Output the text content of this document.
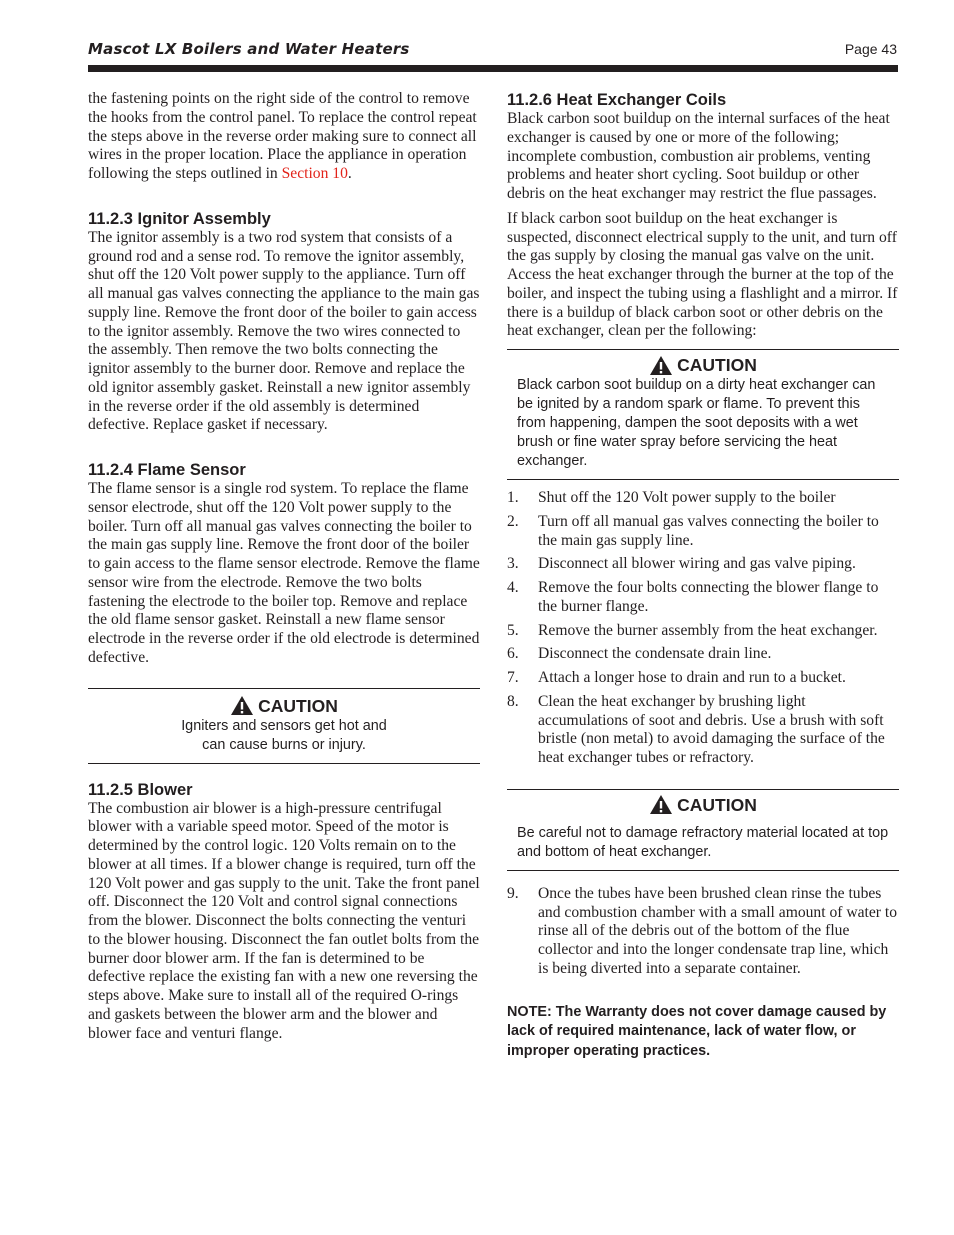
Mascot LX Boilers and Water Heaters	Page 43
the fastening points on the right side of the control to remove the hooks from the control panel. To replace the control repeat the steps above in the reverse order making sure to connect all wires in the proper location. Place the appliance in operation following the steps outlined in Section 10.
11.2.3 Ignitor Assembly
The ignitor assembly is a two rod system that consists of a ground rod and a sense rod. To remove the ignitor assembly, shut off the 120 Volt power supply to the appliance. Turn off all manual gas valves connecting the appliance to the main gas supply line. Remove the front door of the boiler to gain access to the ignitor assembly. Remove the two wires connected to the assembly. Then remove the two bolts connecting the ignitor assembly to the burner door. Remove and replace the old ignitor assembly gasket. Reinstall a new ignitor assembly in the reverse order if the old assembly is determined defective. Replace gasket if necessary.
11.2.4 Flame Sensor
The flame sensor is a single rod system. To replace the flame sensor electrode, shut off the 120 Volt power supply to the boiler. Turn off all manual gas valves connecting the boiler to the main gas supply line. Remove the front door of the boiler to gain access to the flame sensor electrode. Remove the flame sensor wire from the electrode. Remove the two bolts fastening the electrode to the boiler top. Remove and replace the old flame sensor gasket. Reinstall a new flame sensor electrode in the reverse order if the old electrode is determined defective.
CAUTION
Igniters and sensors get hot and
can cause burns or injury.
11.2.5 Blower
The combustion air blower is a high-pressure centrifugal blower with a variable speed motor. Speed of the motor is determined by the control logic. 120 Volts remain on to the blower at all times. If a blower change is required, turn off the 120 Volt power and gas supply to the unit. Take the front panel off. Disconnect the 120 Volt and control signal connections from the blower. Disconnect the bolts connecting the venturi to the blower housing. Disconnect the fan outlet bolts from the burner door blower arm. If the fan is determined to be defective replace the existing fan with a new one reversing the steps above. Make sure to install all of the required O-rings and gaskets between the blower arm and the blower and blower face and venturi flange.
11.2.6 Heat Exchanger Coils
Black carbon soot buildup on the internal surfaces of the heat exchanger is caused by one or more of the following; incomplete combustion, combustion air problems, venting problems and heater short cycling. Soot buildup or other debris on the heat exchanger may restrict the flue passages.
If black carbon soot buildup on the heat exchanger is suspected, disconnect electrical supply to the unit, and turn off the gas supply by closing the manual gas valve on the unit. Access the heat exchanger through the burner at the top of the boiler, and inspect the tubing using a flashlight and a mirror. If there is a buildup of black carbon soot or other debris on the heat exchanger, clean per the following:
CAUTION
Black carbon soot buildup on a dirty heat exchanger can be ignited by a random spark or flame. To prevent this from happening, dampen the soot deposits with a wet brush or fine water spray before servicing the heat exchanger.
1.	Shut off the 120 Volt power supply to the boiler
2.	Turn off all manual gas valves connecting the boiler to the main gas supply line.
3.	Disconnect all blower wiring and gas valve piping.
4.	Remove the four bolts connecting the blower flange to the burner flange.
5.	Remove the burner assembly from the heat exchanger.
6.	Disconnect the condensate drain line.
7.	Attach a longer hose to drain and run to a bucket.
8.	Clean the heat exchanger by brushing light accumulations of soot and debris. Use a brush with soft bristle (non metal) to avoid damaging the surface of the heat exchanger tubes or refractory.
CAUTION
Be careful not to damage refractory material located at top and bottom of heat exchanger.
9.	Once the tubes have been brushed clean rinse the tubes and combustion chamber with a small amount of water to rinse all of the debris out of the bottom of the flue collector and into the longer condensate trap line, which is being diverted into a separate container.
NOTE: The Warranty does not cover damage caused by lack of required maintenance, lack of water flow, or improper operating practices.
